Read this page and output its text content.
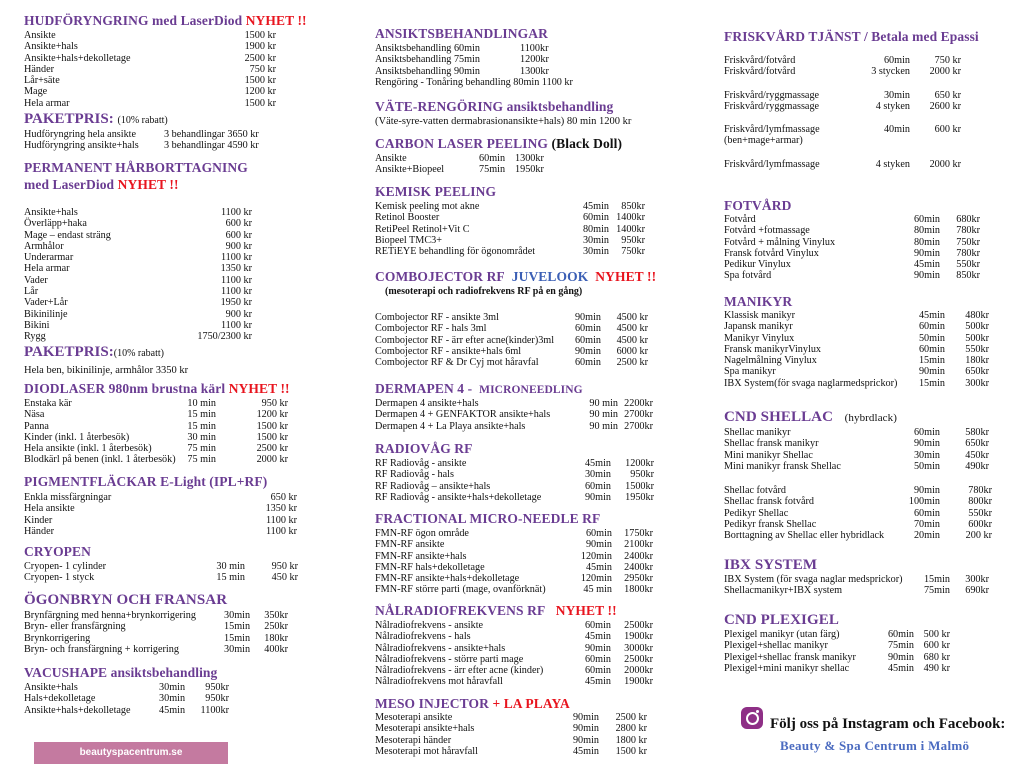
HUDFÖRYNGRING med LaserDiod NYHET !!
Ansikte	1500 kr
Ansikte+hals	1900 kr
Ansikte+hals+dekolletage	2500 kr
Händer	750 kr
Lår+säte	1500 kr
Mage	1200 kr
Hela armar	1500 kr
PAKETPRIS: (10% rabatt)
Hudföryngring hela ansikte	3 behandlingar 3650 kr
Hudföryngring ansikte+hals 3 behandlingar 4590 kr
PERMANENT HÅRBORTTAGNING
med LaserDiod NYHET !!
Ansikte+hals	1100 kr
Överläpp+haka	600 kr
Mage – endast sträng	600 kr
Armhålor	900 kr
Underarmar	1100 kr
Hela armar	1350 kr
Vader	1100 kr
Lår	1100 kr
Vader+Lår	1950 kr
Bikinilinje	900 kr
Bikini	1100 kr
Rygg	1750/2300 kr
PAKETPRIS:(10% rabatt)
Hela ben, bikinilinje, armhålor 3350 kr
DIODLASER 980nm brustna kärl NYHET !!
Enstaka kär	10 min	950 kr
Näsa	15 min	1200 kr
Panna	15 min	1500 kr
Kinder (inkl. 1 återbesök)	30 min	1500 kr
Hela ansikte (inkl. 1 återbesök)	75 min	2500 kr
Blodkärl på benen (inkl. 1 återbesök)	75 min	2000 kr
PIGMENTFLÄCKAR E-Light (IPL+RF)
Enkla missfärgningar	650 kr
Hela ansikte	1350 kr
Kinder	1100 kr
Händer	1100 kr
CRYOPEN
Cryopen- 1 cylinder	30 min	950 kr
Cryopen- 1 styck	15 min	450 kr
ÖGONBRYN OCH FRANSAR
Brynfärgning med henna+brynkorrigering	30min	350kr
Bryn- eller fransfärgning	15min	250kr
Brynkorrigering	15min	180kr
Bryn- och fransfärgning + korrigering	30min	400kr
VACUSHAPE ansiktsbehandling
Ansikte+hals	30min	950kr
Hals+dekolletage	30min	950kr
Ansikte+hals+dekolletage	45min	1100kr
beautyspacentrum.se
ANSIKTSBEHANDLINGAR
Ansiktsbehandling 60min	1100kr
Ansiktsbehandling 75min	1200kr
Ansiktsbehandling 90min	1300kr
Rengöring - Tonåring behandling 80min 1100 kr
VÄTE-RENGÖRING ansiktsbehandling
(Väte-syre-vatten dermabrasionansikte+hals) 80 min 1200 kr
CARBON LASER PEELING (Black Doll)
Ansikte	60min 1300kr
Ansikte+Biopeel	75min 1950kr
KEMISK PEELING
Kemisk peeling mot akne	45min	850kr
Retinol Booster	60min 1400kr
RetiPeel Retinol+Vit C	80min 1400kr
Biopeel TMC3+	30min	950kr
RETiEYE behandling för ögonområdet	30min	750kr
COMBOJECTOR RF JUVELOOK NYHET !!
(mesoterapi och radiofrekvens RF på en gång)
Combojector RF - ansikte 3ml	90min	4500 kr
Combojector RF - hals 3ml	60min	4500 kr
Combojector RF - ärr efter acne(kinder)3ml	60min	4500 kr
Combojector RF - ansikte+hals 6ml	90min	6000 kr
Combojector RF & Dr Cyj mot håravfal	60min	2500 kr
DERMAPEN 4 - MICRONEEDLING
Dermapen 4 ansikte+hals	90 min 2200kr
Dermapen 4 + GENFAKTOR ansikte+hals	90 min 2700kr
Dermapen 4 + La Playa ansikte+hals	90 min 2700kr
RADIOVÅG RF
RF Radiovåg - ansikte	45min	1200kr
RF Radiovåg - hals	30min	950kr
RF Radiovåg – ansikte+hals	60min	1500kr
RF Radiovåg - ansikte+hals+dekolletage	90min	1950kr
FRACTIONAL MICRO-NEEDLE RF
FMN-RF ögon område	60min	1750kr
FMN-RF ansikte	90min	2100kr
FMN-RF ansikte+hals	120min	2400kr
FMN-RF hals+dekolletage	45min	2400kr
FMN-RF ansikte+hals+dekolletage	120min	2950kr
FMN-RF större parti (mage, ovanförknät)	45 min	1800kr
NÅLRADIOFREKVENS RF NYHET !!
Nålradiofrekvens - ansikte	60min	2500kr
Nålradiofrekvens - hals	45min	1900kr
Nålradiofrekvens - ansikte+hals	90min	3000kr
Nålradiofrekvens - större parti mage	60min	2500kr
Nålradiofrekvens - ärr efter acne (kinder)	60min	2000kr
Nålradiofrekvens mot håravfall	45min	1900kr
MESO INJECTOR + LA PLAYA
Mesoterapi ansikte	90min	2500 kr
Mesoterapi ansikte+hals	90min	2800 kr
Mesoterapi händer	90min	1800 kr
Mesoterapi mot håravfall	45min	1500 kr
FRISKVÅRD TJÄNST / Betala med Epassi
Friskvård/fotvård	60min	750 kr
Friskvård/fotvård	3 stycken	2000 kr
Friskvård/ryggmassage	30min	650 kr
Friskvård/ryggmassage	4 styken	2600 kr
Friskvård/lymfmassage	40min	600 kr
(ben+mage+armar)
Friskvård/lymfmassage	4 styken	2000 kr
FOTVÅRD
Fotvård	60min	680kr
Fotvård +fotmassage	80min	780kr
Fotvård + målning Vinylux	80min	750kr
Fransk fotvård Vinylux	90min	780kr
Pedikur Vinylux	45min	550kr
Spa fotvård	90min	850kr
MANIKYR
Klassisk manikyr	45min	480kr
Japansk manikyr	60min	500kr
Manikyr Vinylux	50min	500kr
Fransk manikyrVinylux	60min	550kr
Nagelmålning Vinylux	15min	180kr
Spa manikyr	90min	650kr
IBX System(för svaga naglarmedsprickor)	15min	300kr
CND SHELLAC (hybrdlack)
Shellac manikyr	60min	580kr
Shellac fransk manikyr	90min	650kr
Mini manikyr Shellac	30min	450kr
Mini manikyr fransk Shellac	50min	490kr
Shellac fotvård	90min	780kr
Shellac fransk fotvård	100min	800kr
Pedikyr Shellac	60min	550kr
Pedikyr fransk Shellac	70min	600kr
Borttagning av Shellac eller hybridlack	20min	200 kr
IBX SYSTEM
IBX System (för svaga naglar medsprickor)	15min	300kr
Shellacmanikyr+IBX system	75min	690kr
CND PLEXIGEL
Plexigel manikyr (utan färg)	60min 500 kr
Plexigel+shellac manikyr	75min 600 kr
Plexigel+shellac fransk manikyr	90min 680 kr
Plexigel+mini manikyr shellac	45min 490 kr
Följ oss på Instagram och Facebook:
Beauty & Spa Centrum i Malmö
